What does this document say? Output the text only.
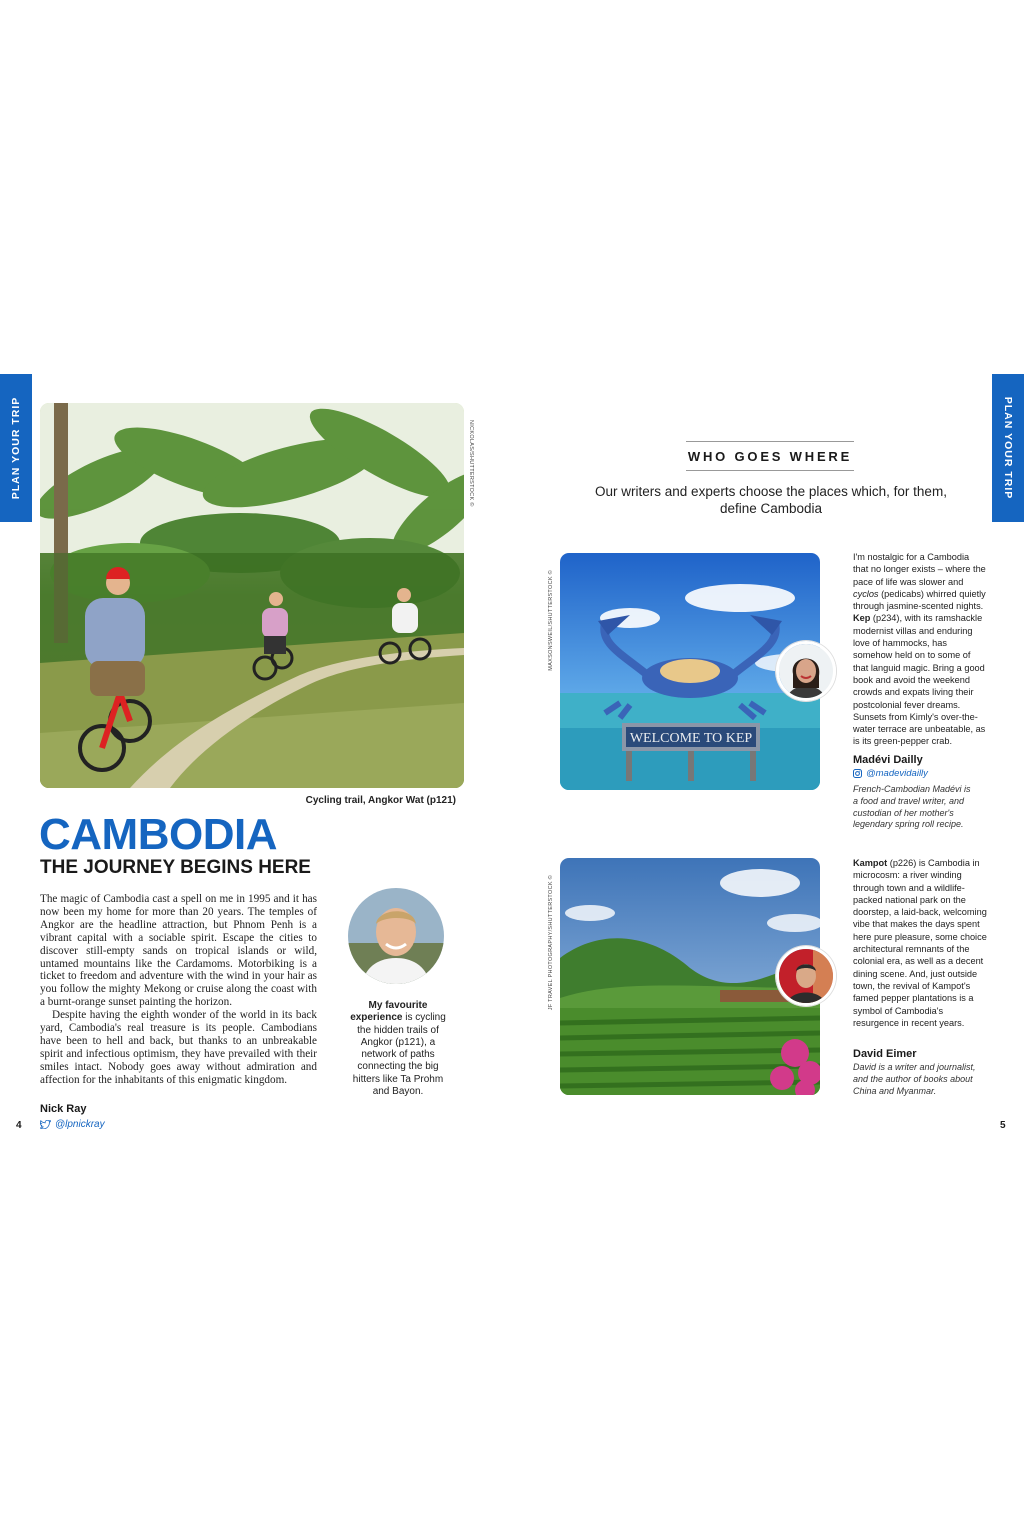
PLAN YOUR TRIP	PLAN YOUR TRIP
NICKOLAS/SHUTTERSTOCK ©
Cycling trail, Angkor Wat (p121)
CAMBODIA
THE JOURNEY BEGINS HERE

The magic of Cambodia cast a spell on me in 1995 and it has now been my home for more than 20 years. The temples of Angkor are the headline attraction, but Phnom Penh is a vibrant capital with a sociable spirit. Escape the cities to discover still-empty sands on tropical islands or wild, untamed mountains like the Cardamoms. Motorbiking is a ticket to freedom and adventure with the wind in your hair as you follow the mighty Mekong or cruise along the coast with a burnt-orange sunset painting the horizon.

Despite having the eighth wonder of the world in its back yard, Cambodia's real treasure is its people. Cambodians have been to hell and back, but thanks to an unbreakable spirit and infectious optimism, they have prevailed with their smiles intact. Nobody goes away without admiration and affection for the inhabitants of this enigmatic kingdom.

My favourite experience is cycling the hidden trails of Angkor (p121), a network of paths connecting the big hitters like Ta Prohm and Bayon.
Nick Ray
@lpnickray
4
WHO GOES WHERE
Our writers and experts choose the places which, for them, define Cambodia
WELCOME TO KEP
MAXSONSWEIL/SHUTTERSTOCK ©
I'm nostalgic for a Cambodia that no longer exists – where the pace of life was slower and cyclos (pedicabs) whirred quietly through jasmine-scented nights. Kep (p234), with its ramshackle modernist villas and enduring love of hammocks, has somehow held on to some of that languid magic. Bring a good book and avoid the weekend crowds and expats living their postcolonial fever dreams. Sunsets from Kimly's over-the-water terrace are unbeatable, as is its green-pepper crab.
Madévi Dailly
@madevidailly
French-Cambodian Madévi is a food and travel writer, and custodian of her mother's legendary spring roll recipe.
JF TRAVEL PHOTOGRAPHY/SHUTTERSTOCK ©
Kampot (p226) is Cambodia in microcosm: a river winding through town and a wildlife-packed national park on the doorstep, a laid-back, welcoming vibe that makes the days spent here pure pleasure, some choice architectural remnants of the colonial era, as well as a decent dining scene. And, just outside town, the revival of Kampot's famed pepper plantations is a symbol of Cambodia's resurgence in recent years.
David Eimer
David is a writer and journalist, and the author of books about China and Myanmar.
5
